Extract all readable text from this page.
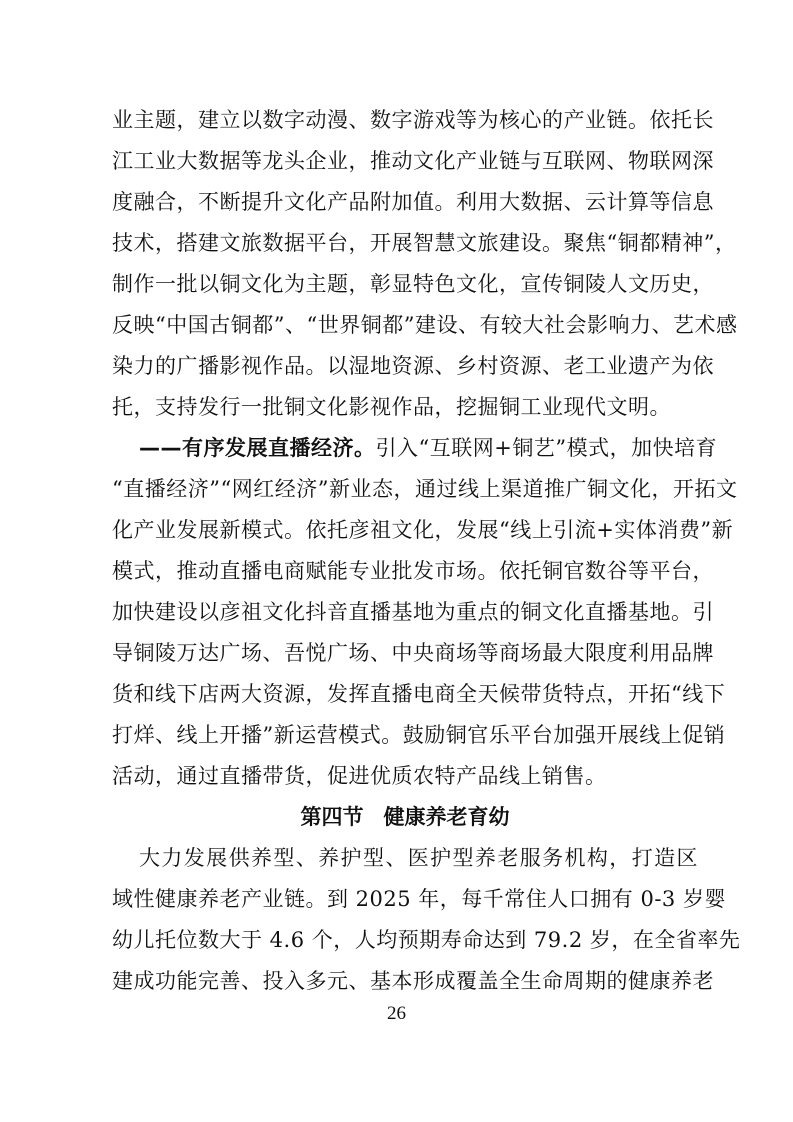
业主题，建立以数字动漫、数字游戏等为核心的产业链。依托长
江工业大数据等龙头企业，推动文化产业链与互联网、物联网深
度融合，不断提升文化产品附加值。利用大数据、云计算等信息
技术，搭建文旅数据平台，开展智慧文旅建设。聚焦“铜都精神”，
制作一批以铜文化为主题，彰显特色文化，宣传铜陵人文历史，
反映“中国古铜都”、“世界铜都”建设、有较大社会影响力、艺术感
染力的广播影视作品。以湿地资源、乡村资源、老工业遗产为依
托，支持发行一批铜文化影视作品，挖掘铜工业现代文明。
——有序发展直播经济。引入“互联网+铜艺”模式，加快培育
“直播经济”“网红经济”新业态，通过线上渠道推广铜文化，开拓文
化产业发展新模式。依托彦祖文化，发展“线上引流+实体消费”新
模式，推动直播电商赋能专业批发市场。依托铜官数谷等平台，
加快建设以彦祖文化抖音直播基地为重点的铜文化直播基地。引
导铜陵万达广场、吾悦广场、中央商场等商场最大限度利用品牌
货和线下店两大资源，发挥直播电商全天候带货特点，开拓“线下
打烊、线上开播”新运营模式。鼓励铜官乐平台加强开展线上促销
活动，通过直播带货，促进优质农特产品线上销售。
第四节 健康养老育幼
大力发展供养型、养护型、医护型养老服务机构，打造区
域性健康养老产业链。到 2025 年，每千常住人口拥有 0-3 岁婴
幼儿托位数大于 4.6 个，人均预期寿命达到 79.2 岁，在全省率先
建成功能完善、投入多元、基本形成覆盖全生命周期的健康养老
26
